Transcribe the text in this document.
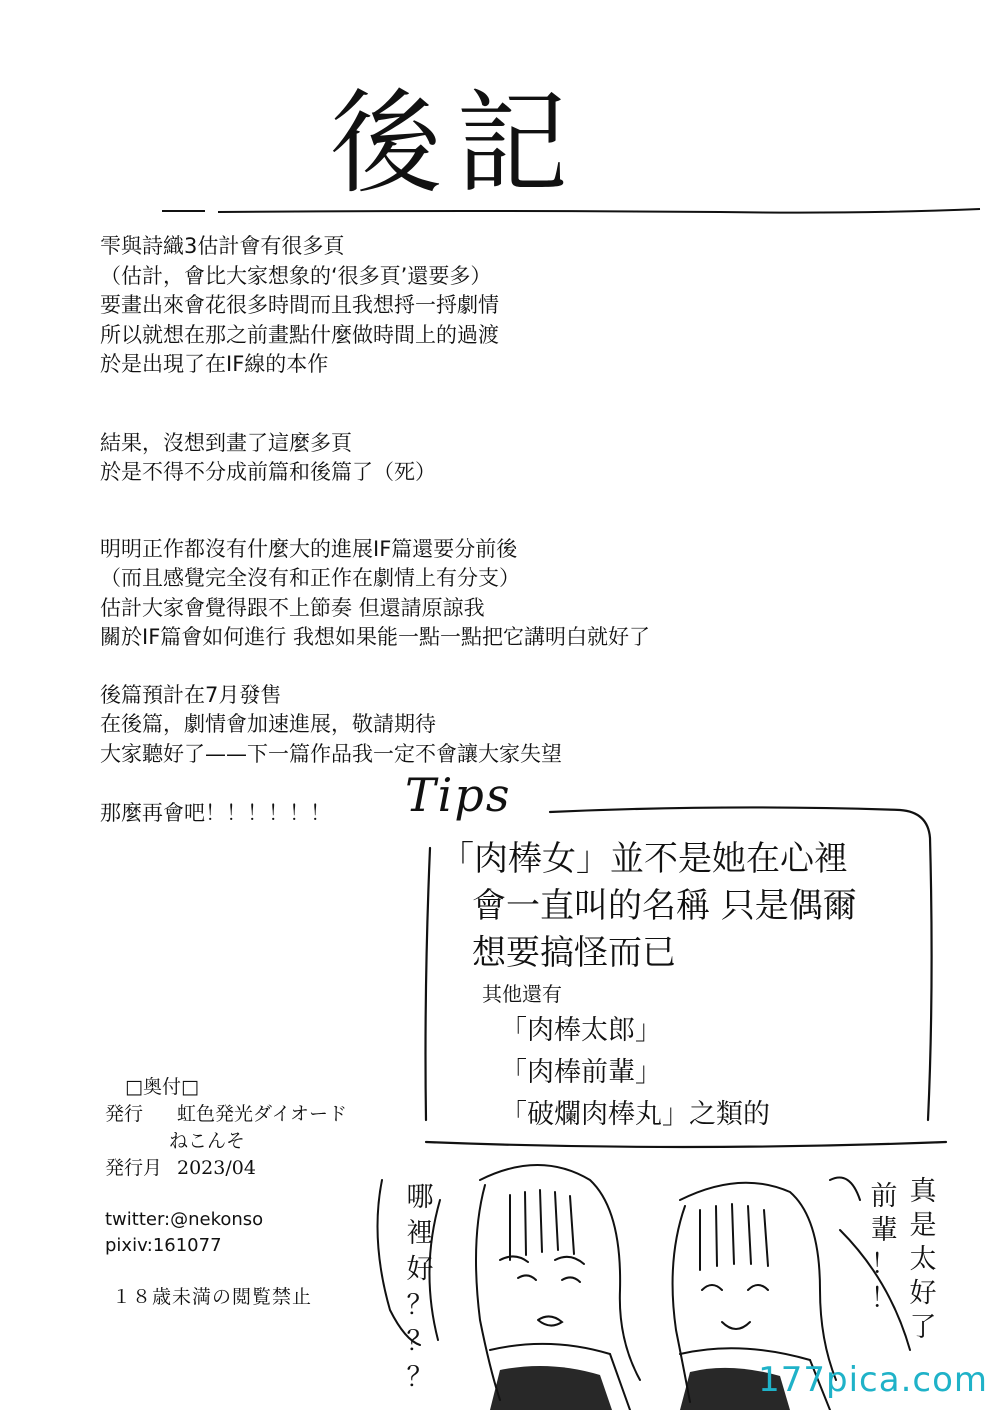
後記

雫與詩織3估計會有很多頁
（估計，會比大家想象的‘很多頁’還要多）
要畫出來會花很多時間而且我想捋一捋劇情
所以就想在那之前畫點什麼做時間上的過渡
於是出現了在IF線的本作

結果，沒想到畫了這麼多頁
於是不得不分成前篇和後篇了（死）

明明正作都沒有什麼大的進展IF篇還要分前後
（而且感覺完全沒有和正作在劇情上有分支）
估計大家會覺得跟不上節奏 但還請原諒我
關於IF篇會如何進行 我想如果能一點一點把它講明白就好了

後篇預計在7月發售
在後篇，劇情會加速進展，敬請期待
大家聽好了——下一篇作品我一定不會讓大家失望

那麼再會吧！！！！！！	Tips
「肉棒女」並不是她在心裡
會一直叫的名稱 只是偶爾
想要搞怪而已
其他還有
「肉棒太郎」
「肉棒前輩」
「破爛肉棒丸」之類的
□奥付□
発行 虹色発光ダイオード
ねこんそ
発行月 2023/04
twitter:@nekonso
pixiv:161077
１８歳未満の閲覧禁止
哪
裡
好
？
？
？
真
是
太
好
了
前
輩
！
！
177pica.com
